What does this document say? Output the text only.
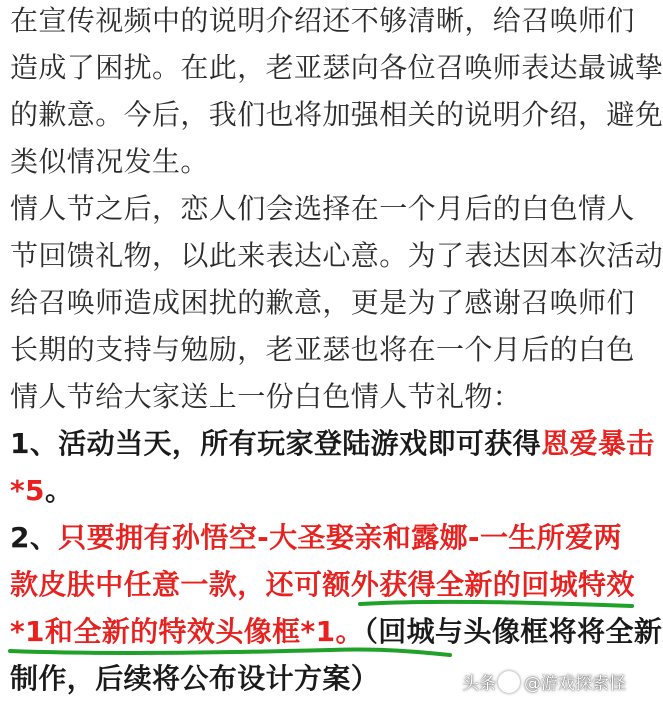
在宣传视频中的说明介绍还不够清晰，给召唤师们
造成了困扰。在此，老亚瑟向各位召唤师表达最诚挚
的歉意。今后，我们也将加强相关的说明介绍，避免
类似情况发生。
情人节之后，恋人们会选择在一个月后的白色情人
节回馈礼物，以此来表达心意。为了表达因本次活动
给召唤师造成困扰的歉意，更是为了感谢召唤师们
长期的支持与勉励，老亚瑟也将在一个月后的白色
情人节给大家送上一份白色情人节礼物：
1、活动当天，所有玩家登陆游戏即可获得恩爱暴击
*5。
2、只要拥有孙悟空-大圣娶亲和露娜-一生所爱两
款皮肤中任意一款，还可额外获得全新的回城特效
*1和全新的特效头像框*1。（回城与头像框将将全新
制作，后续将公布设计方案）	头条 @游戏探索怪
